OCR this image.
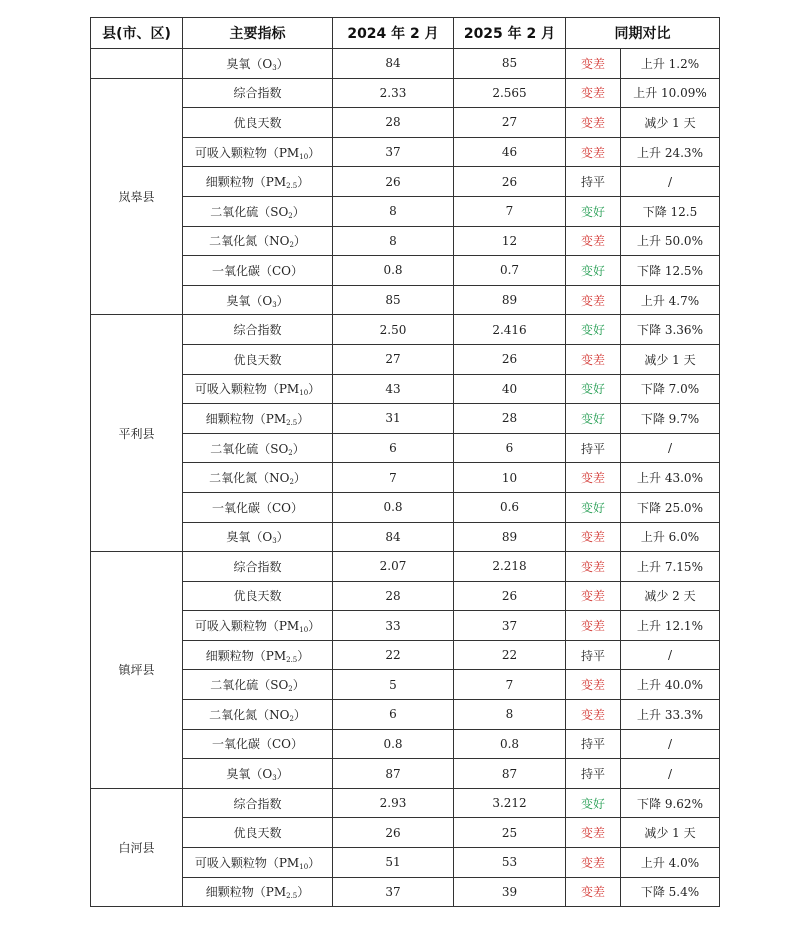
县(市、区)	主要指标	2024 年 2 月	2025 年 2 月	同期对比	
	臭氧$(O_3)$	84	85	变差	上升 1.2%
岚皋县	综合指数	2.33	2.565	变差	上升 10.09%
	优良天数	28	27	变差	减少 1 天
	可吸入颗粒物$(PM_{10})$	37	46	变差	上升 24.3%
	细颗粒物$(PM_{2.5})$	26	26	持平	/
	二氧化硫$(SO_2)$	8	7	变好	下降 12.5
	二氧化氮$(NO_2)$	8	12	变差	上升 50.0%
	一氧化碳（CO）	0.8	0.7	变好	下降 12.5%
	臭氧$(O_3)$	85	89	变差	上升 4.7%
平利县	综合指数	2.50	2.416	变好	下降 3.36%
	优良天数	27	26	变差	减少 1 天
	可吸入颗粒物$(PM_{10})$	43	40	变好	下降 7.0%
	细颗粒物$(PM_{2.5})$	31	28	变好	下降 9.7%
	二氧化硫$(SO_2)$	6	6	持平	/
	二氧化氮$(NO_2)$	7	10	变差	上升 43.0%
	一氧化碳（CO）	0.8	0.6	变好	下降 25.0%
	臭氧$(O_3)$	84	89	变差	上升 6.0%
镇坪县	综合指数	2.07	2.218	变差	上升 7.15%
	优良天数	28	26	变差	减少 2 天
	可吸入颗粒物$(PM_{10})$	33	37	变差	上升 12.1%
	细颗粒物$(PM_{2.5})$	22	22	持平	/
	二氧化硫$(SO_2)$	5	7	变差	上升 40.0%
	二氧化氮$(NO_2)$	6	8	变差	上升 33.3%
	一氧化碳（CO）	0.8	0.8	持平	/
	臭氧$(O_3)$	87	87	持平	/
白河县	综合指数	2.93	3.212	变好	下降 9.62%
	优良天数	26	25	变差	减少 1 天
	可吸入颗粒物$(PM_{10})$	51	53	变差	上升 4.0%
	细颗粒物$(PM_{2.5})$	37	39	变差	下降 5.4%
